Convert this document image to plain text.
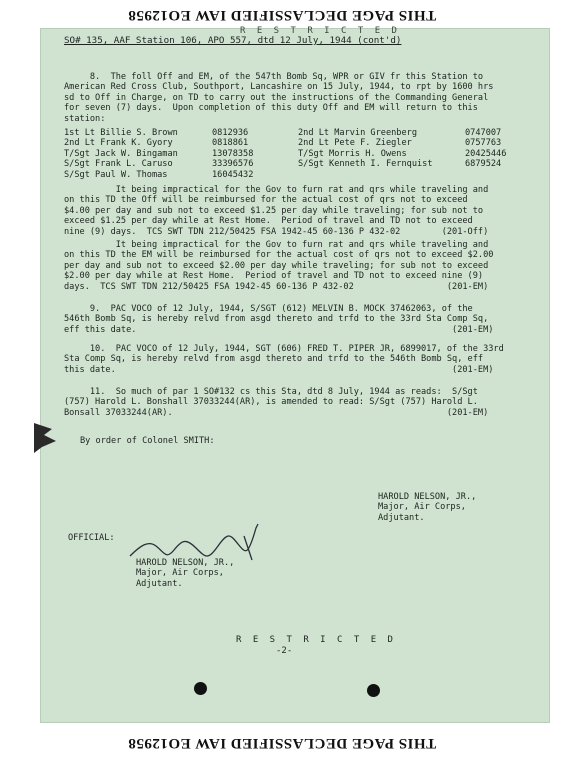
THIS PAGE DECLASSIFIED IAW EO12958
R E S T R I C T E D
SO# 135, AAF Station 106, APO 557, dtd 12 July, 1944 (cont'd)
8.  The foll Off and EM, of the 547th Bomb Sq, WPR or GIV fr this Station to
American Red Cross Club, Southport, Lancashire on 15 July, 1944, to rpt by 1600 hrs
sd to Off in Charge, on TD to carry out the instructions of the Commanding General
for seven (7) days.  Upon completion of this duty Off and EM will return to this
station:
1st Lt Billie S. Brown	0812936	2nd Lt Marvin Greenberg	0747007
2nd Lt Frank K. Gyory	0818861	2nd Lt Pete F. Ziegler	0757763
T/Sgt Jack W. Bingaman	13078358	T/Sgt Morris H. Owens	20425446
S/Sgt Frank L. Caruso	33396576	S/Sgt Kenneth I. Fernquist	6879524
S/Sgt Paul W. Thomas	16045432
It being impractical for the Gov to furn rat and qrs while traveling and
on this TD the Off will be reimbursed for the actual cost of qrs not to exceed
$4.00 per day and sub not to exceed $1.25 per day while traveling; for sub not to
exceed $1.25 per day while at Rest Home.  Period of travel and TD not to exceed
nine (9) days.  TCS SWT TDN 212/50425 FSA 1942-45 60-136 P 432-02        (201-Off)
It being impractical for the Gov to furn rat and qrs while traveling and
on this TD the EM will be reimbursed for the actual cost of qrs not to exceed $2.00
per day and sub not to exceed $2.00 per day while traveling; for sub not to exceed
$2.00 per day while at Rest Home.  Period of travel and TD not to exceed nine (9)
days.  TCS SWT TDN 212/50425 FSA 1942-45 60-136 P 432-02                  (201-EM)
9.  PAC VOCO of 12 July, 1944, S/SGT (612) MELVIN B. MOCK 37462063, of the
546th Bomb Sq, is hereby relvd from asgd thereto and trfd to the 33rd Sta Comp Sq,
eff this date.                                                             (201-EM)
10.  PAC VOCO of 12 July, 1944, SGT (606) FRED T. PIPER JR, 6899017, of the 33rd
Sta Comp Sq, is hereby relvd from asgd thereto and trfd to the 546th Bomb Sq, eff
this date.                                                                 (201-EM)
11.  So much of par 1 SO#132 cs this Sta, dtd 8 July, 1944 as reads:  S/Sgt
(757) Harold L. Bonshall 37033244(AR), is amended to read: S/Sgt (757) Harold L.
Bonsall 37033244(AR).                                                     (201-EM)
By order of Colonel SMITH:
HAROLD NELSON, JR.,
Major, Air Corps,
Adjutant.
OFFICIAL:
HAROLD NELSON, JR.,
Major, Air Corps,
Adjutant.
R E S T R I C T E D
-2-
THIS PAGE DECLASSIFIED IAW EO12958
